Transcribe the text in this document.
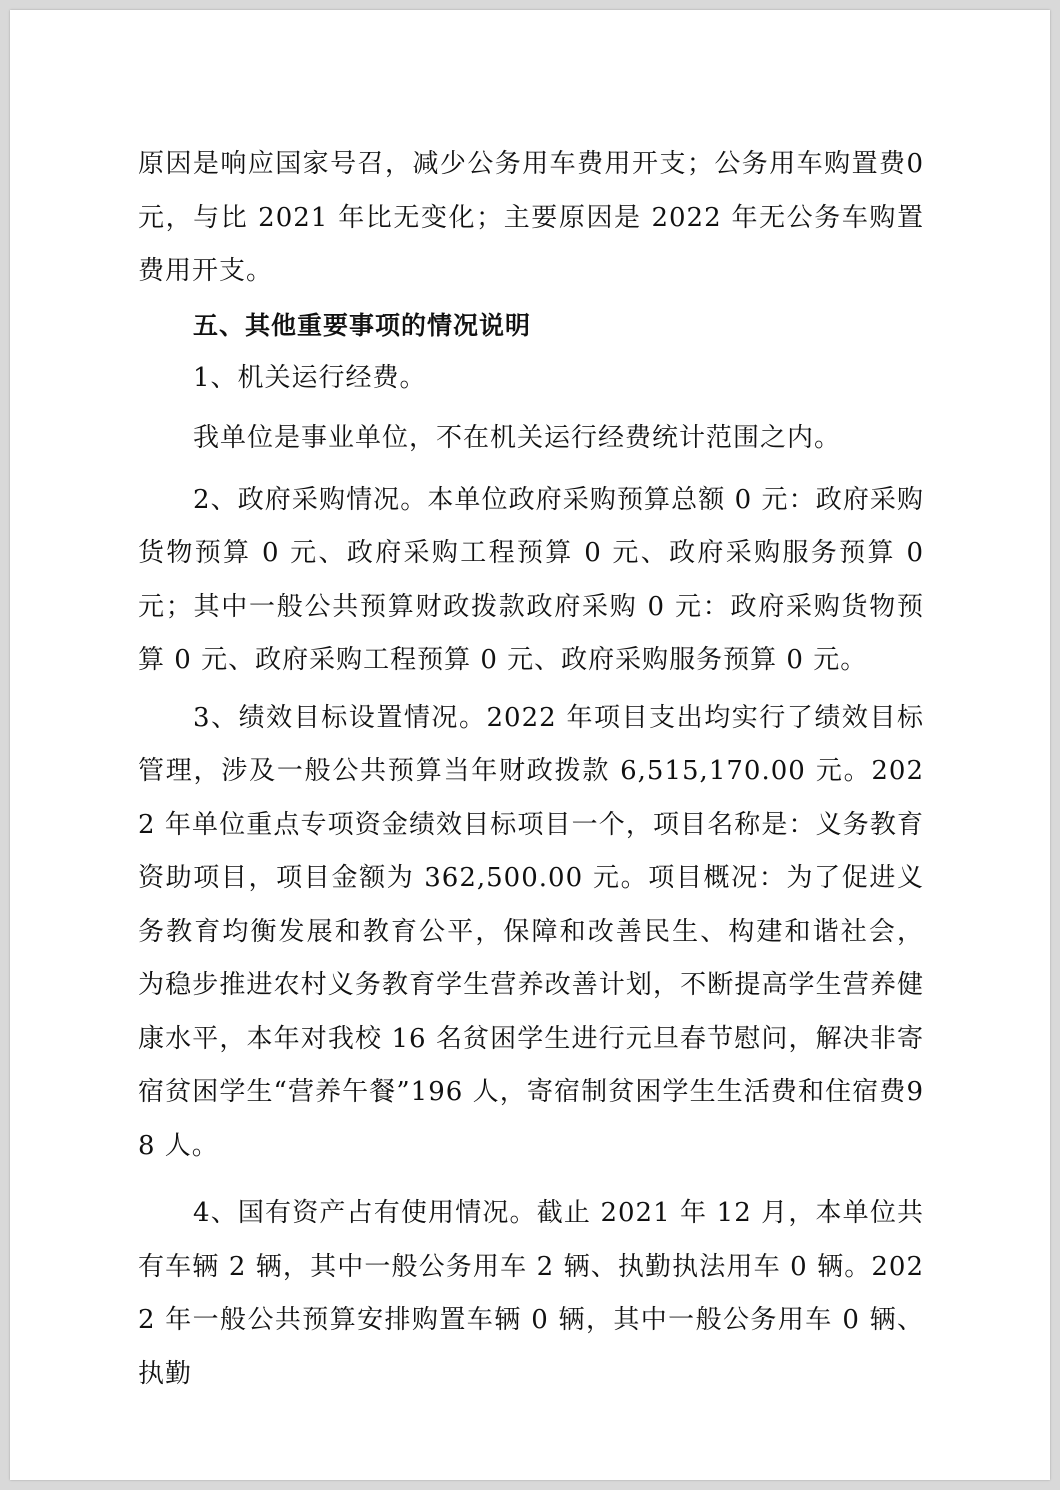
原因是响应国家号召，减少公务用车费用开支；公务用车购置费0元，与比 2021 年比无变化；主要原因是 2022 年无公务车购置费用开支。

五、其他重要事项的情况说明

1、机关运行经费。

我单位是事业单位，不在机关运行经费统计范围之内。

2、政府采购情况。本单位政府采购预算总额 0 元：政府采购货物预算 0 元、政府采购工程预算 0 元、政府采购服务预算 0 元；其中一般公共预算财政拨款政府采购 0 元：政府采购货物预算 0 元、政府采购工程预算 0 元、政府采购服务预算 0 元。

3、绩效目标设置情况。2022 年项目支出均实行了绩效目标管理，涉及一般公共预算当年财政拨款 6,515,170.00 元。2022 年单位重点专项资金绩效目标项目一个，项目名称是：义务教育资助项目，项目金额为 362,500.00 元。项目概况：为了促进义务教育均衡发展和教育公平，保障和改善民生、构建和谐社会， 为稳步推进农村义务教育学生营养改善计划，不断提高学生营养健康水平，本年对我校 16 名贫困学生进行元旦春节慰问，解决非寄宿贫困学生“营养午餐”196 人，寄宿制贫困学生生活费和住宿费98 人。

4、国有资产占有使用情况。截止 2021 年 12 月，本单位共有车辆 2 辆，其中一般公务用车 2 辆、执勤执法用车 0 辆。2022 年一般公共预算安排购置车辆 0 辆，其中一般公务用车 0 辆、执勤
